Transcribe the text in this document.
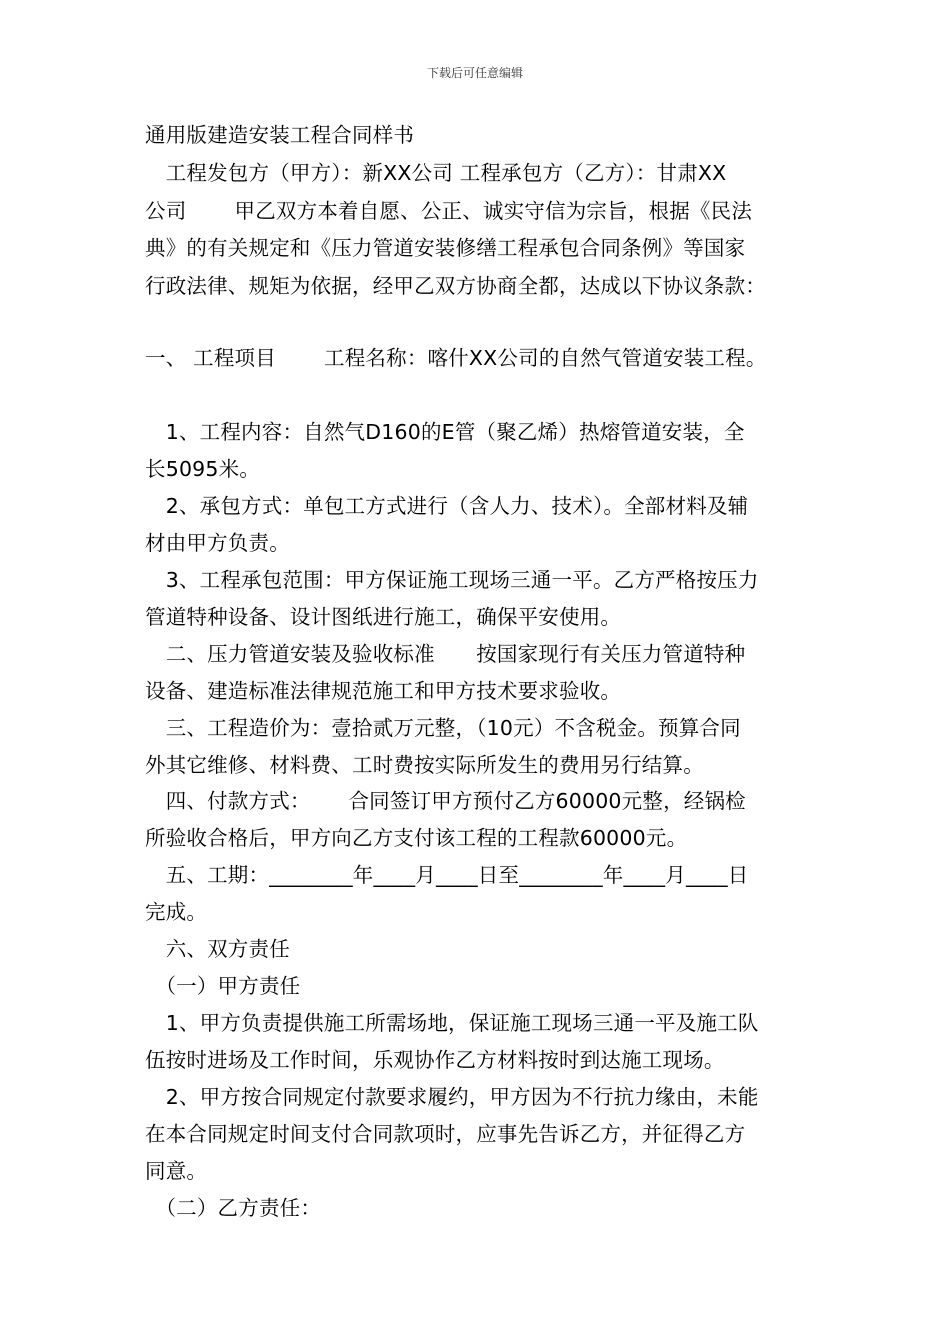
下载后可任意编辑
通用版建造安装工程合同样书
　工程发包方（甲方）：新XX公司 工程承包方（乙方）：甘肃XX
公司　　 甲乙双方本着自愿、公正、诚实守信为宗旨，根据《民法
典》的有关规定和《压力管道安装修缮工程承包合同条例》等国家
行政法律、规矩为依据，经甲乙双方协商全都，达成以下协议条款：
一、 工程项目　　 工程名称：喀什XX公司的自然气管道安装工程。
　1、工程内容：自然气D160的E管（聚乙烯）热熔管道安装，全
长5095米。
　2、承包方式：单包工方式进行（含人力、技术）。全部材料及辅
材由甲方负责。
　3、工程承包范围：甲方保证施工现场三通一平。乙方严格按压力
管道特种设备、设计图纸进行施工，确保平安使用。
　二、压力管道安装及验收标准　　按国家现行有关压力管道特种
设备、建造标准法律规范施工和甲方技术要求验收。
　三、工程造价为：壹拾贰万元整，（10元）不含税金。预算合同
外其它维修、材料费、工时费按实际所发生的费用另行结算。
　四、付款方式：　　 合同签订甲方预付乙方60000元整，经锅检
所验收合格后，甲方向乙方支付该工程的工程款60000元。
　五、工期：________年____月____日至________年____月____日
完成。
　六、双方责任
　（一）甲方责任
　1、甲方负责提供施工所需场地，保证施工现场三通一平及施工队
伍按时进场及工作时间，乐观协作乙方材料按时到达施工现场。
　2、甲方按合同规定付款要求履约，甲方因为不行抗力缘由，未能
在本合同规定时间支付合同款项时，应事先告诉乙方，并征得乙方
同意。
　（二）乙方责任：
